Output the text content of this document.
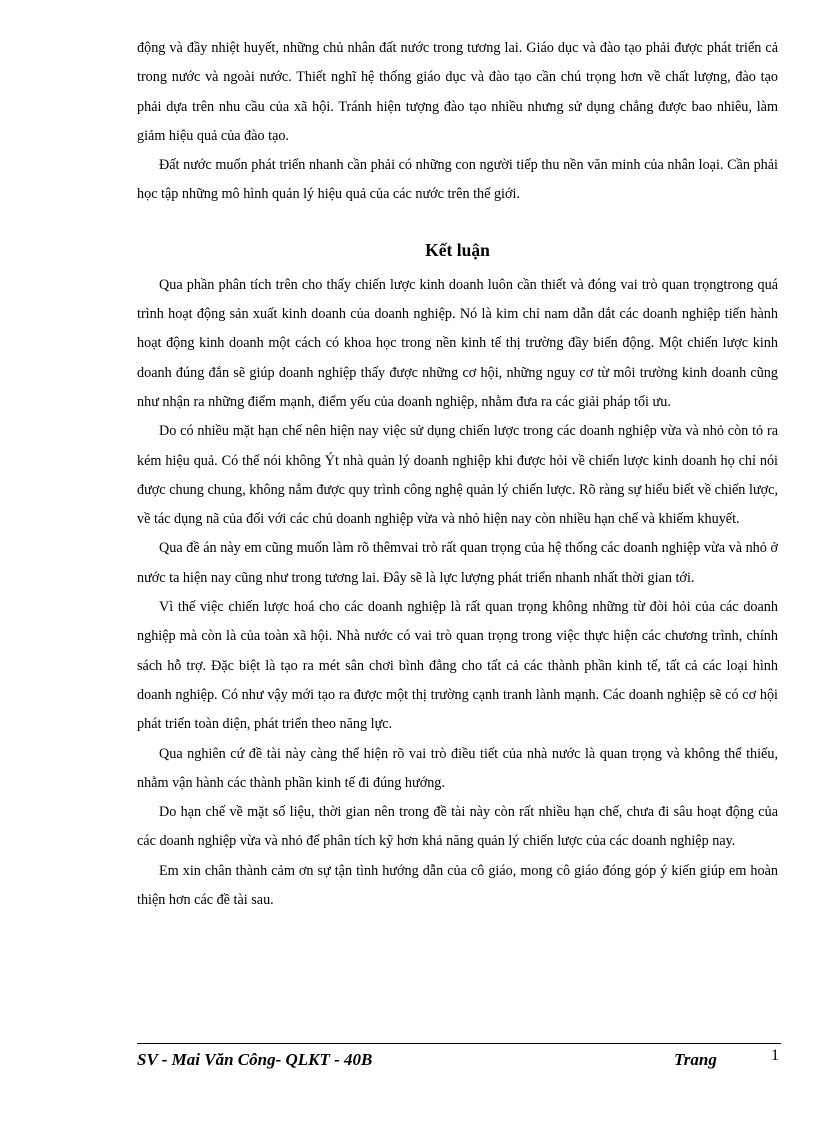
động và đầy nhiệt huyết, những chủ nhân đất nước trong tương lai. Giáo dục và đào tạo phải được phát triển cả trong nước và ngoài nước. Thiết nghĩ hệ thống giáo dục và đào tạo cần chú trọng hơn về chất lượng, đào tạo phải dựa trên nhu cầu của xã hội. Tránh hiện tượng đào tạo nhiều nhưng sử dụng chẳng được bao nhiêu, làm giảm hiệu quả của đào tạo.

Đất nước muốn phát triển nhanh cần phải có những con người tiếp thu nền văn minh của nhân loại. Cần phải học tập những mô hình quản lý hiệu quả của các nước trên thế giới.

Kết luận

Qua phần phân tích trên cho thấy chiến lược kinh doanh luôn cần thiết và đóng vai trò quan trọngtrong quá trình hoạt động sản xuất kinh doanh của doanh nghiệp. Nó là kim chỉ nam dẫn dắt các doanh nghiệp tiến hành hoạt động kinh doanh một cách có khoa học trong nền kinh tế thị trường đầy biến động. Một chiến lược kinh doanh đúng đắn sẽ giúp doanh nghiệp thấy được những cơ hội, những nguy cơ từ môi trường kinh doanh cũng như nhận ra những điểm mạnh, điểm yếu của doanh nghiệp, nhằm đưa ra các giải pháp tối ưu.

Do có nhiều mặt hạn chế nên hiện nay việc sử dụng chiến lược trong các doanh nghiệp vừa và nhỏ còn tỏ ra kém hiệu quả. Có thể nói không Ýt nhà quản lý doanh nghiệp khi được hỏi về chiến lược kinh doanh họ chỉ nói được chung chung, không nắm được quy trình công nghệ quản lý chiến lược. Rõ ràng sự hiểu biết về chiến lược, về tác dụng nã của đối với các chủ doanh nghiệp vừa và nhỏ hiện nay còn nhiều hạn chế và khiếm khuyết.

Qua đề án này em cũng muốn làm rõ thêmvai trò rất quan trọng của hệ thống các doanh nghiệp vừa và nhỏ ở nước ta hiện nay cũng như trong tương lai. Đây sẽ là lực lượng phát triển nhanh nhất thời gian tới.

Vì thế việc chiến lược hoá cho các doanh nghiệp là rất quan trọng không những từ đòi hỏi của các doanh nghiệp mà còn là của toàn xã hội. Nhà nước có vai trò quan trọng trong việc thực hiện các chương trình, chính sách hỗ trợ. Đặc biệt là tạo ra mét sân chơi bình đẳng cho tất cả các thành phần kinh tế, tất cả các loại hình doanh nghiệp. Có như vậy mới tạo ra được một thị trường cạnh tranh lành mạnh. Các doanh nghiệp sẽ có cơ hội phát triển toàn diện, phát triển theo năng lực.

Qua nghiên cứ đề tài này càng thể hiện rõ vai trò điều tiết của nhà nước là quan trọng và không thể thiếu, nhằm vận hành các thành phần kinh tế đi đúng hướng.

Do hạn chế về mặt số liệu, thời gian nên trong đề tài này còn rất nhiều hạn chế, chưa đi sâu hoạt động của các doanh nghiệp vừa và nhỏ để phân tích kỹ hơn khả năng quản lý chiến lược của các doanh nghiệp nay.

Em xin chân thành cảm ơn sự tận tình hướng dẫn của cô giáo, mong cô giáo đóng góp ý kiến giúp em hoàn thiện hơn các đề tài sau.

SV - Mai Văn Công- QLKT - 40B	Trang	1
